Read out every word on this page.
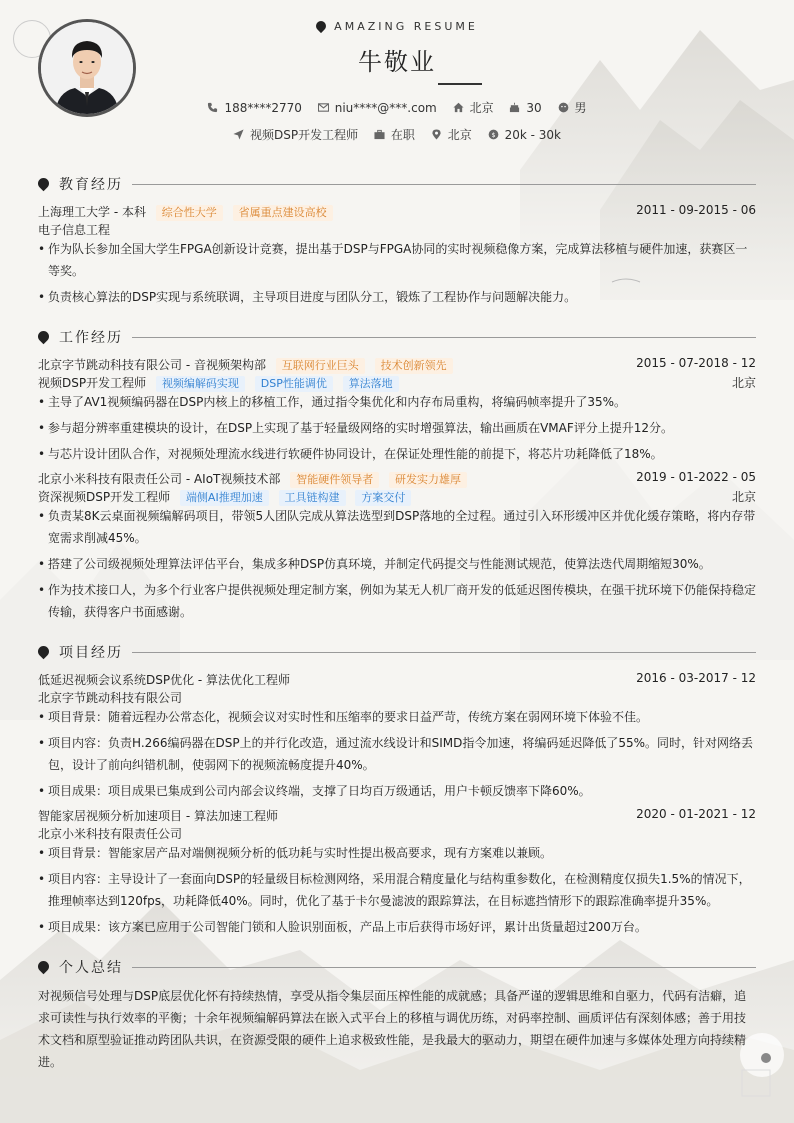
AMAZING RESUME
牛敬业
188****2770	niu****@***.com	北京	30	男
视频DSP开发工程师	在职	北京	$ 20k - 30k
教育经历
上海理工大学 - 本科 综合性大学 省属重点建设高校	2011 - 09-2015 - 06
电子信息工程
• 作为队长参加全国大学生FPGA创新设计竞赛，提出基于DSP与FPGA协同的实时视频稳像方案，完成算法移植与硬件加速，获赛区一等奖。
• 负责核心算法的DSP实现与系统联调，主导项目进度与团队分工，锻炼了工程协作与问题解决能力。
工作经历
北京字节跳动科技有限公司 - 音视频架构部 互联网行业巨头 技术创新领先	2015 - 07-2018 - 12
视频DSP开发工程师 视频编解码实现 DSP性能调优 算法落地	北京
• 主导了AV1视频编码器在DSP内核上的移植工作，通过指令集优化和内存布局重构，将编码帧率提升了35%。
• 参与超分辨率重建模块的设计，在DSP上实现了基于轻量级网络的实时增强算法，输出画质在VMAF评分上提升12分。
• 与芯片设计团队合作，对视频处理流水线进行软硬件协同设计，在保证处理性能的前提下，将芯片功耗降低了18%。
北京小米科技有限责任公司 - AIoT视频技术部 智能硬件领导者 研发实力雄厚	2019 - 01-2022 - 05
资深视频DSP开发工程师 端侧AI推理加速 工具链构建 方案交付	北京
• 负责某8K云桌面视频编解码项目，带领5人团队完成从算法选型到DSP落地的全过程。通过引入环形缓冲区并优化缓存策略，将内存带宽需求削减45%。
• 搭建了公司级视频处理算法评估平台，集成多种DSP仿真环境，并制定代码提交与性能测试规范，使算法迭代周期缩短30%。
• 作为技术接口人，为多个行业客户提供视频处理定制方案，例如为某无人机厂商开发的低延迟图传模块，在强干扰环境下仍能保持稳定传输，获得客户书面感谢。
项目经历
低延迟视频会议系统DSP优化 - 算法优化工程师	2016 - 03-2017 - 12
北京字节跳动科技有限公司
• 项目背景：随着远程办公常态化，视频会议对实时性和压缩率的要求日益严苛，传统方案在弱网环境下体验不佳。
• 项目内容：负责H.266编码器在DSP上的并行化改造，通过流水线设计和SIMD指令加速，将编码延迟降低了55%。同时，针对网络丢包，设计了前向纠错机制，使弱网下的视频流畅度提升40%。
• 项目成果：项目成果已集成到公司内部会议终端，支撑了日均百万级通话，用户卡顿反馈率下降60%。
智能家居视频分析加速项目 - 算法加速工程师	2020 - 01-2021 - 12
北京小米科技有限责任公司
• 项目背景：智能家居产品对端侧视频分析的低功耗与实时性提出极高要求，现有方案难以兼顾。
• 项目内容：主导设计了一套面向DSP的轻量级目标检测网络，采用混合精度量化与结构重参数化，在检测精度仅损失1.5%的情况下，推理帧率达到120fps，功耗降低40%。同时，优化了基于卡尔曼滤波的跟踪算法，在目标遮挡情形下的跟踪准确率提升35%。
• 项目成果：该方案已应用于公司智能门锁和人脸识别面板，产品上市后获得市场好评，累计出货量超过200万台。
个人总结
对视频信号处理与DSP底层优化怀有持续热情，享受从指令集层面压榨性能的成就感；具备严谨的逻辑思维和自驱力，代码有洁癖，追求可读性与执行效率的平衡；十余年视频编解码算法在嵌入式平台上的移植与调优历练，对码率控制、画质评估有深刻体感；善于用技术文档和原型验证推动跨团队共识，在资源受限的硬件上追求极致性能，是我最大的驱动力，期望在硬件加速与多媒体处理方向持续精进。
